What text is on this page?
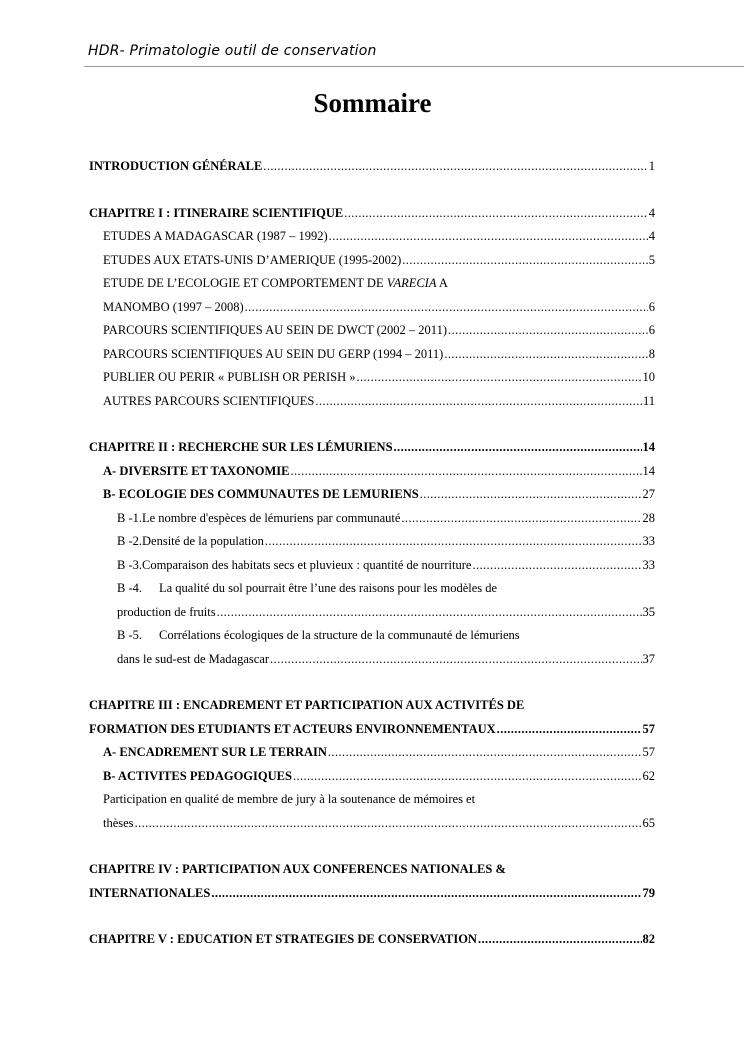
HDR- Primatologie outil de conservation
Sommaire
INTRODUCTION GÉNÉRALE .....	1
CHAPITRE I : ITINERAIRE SCIENTIFIQUE .....	4
ETUDES A MADAGASCAR (1987 – 1992) .....	4
ETUDES AUX ETATS-UNIS D’AMERIQUE (1995-2002) .....	5
ETUDE DE L’ECOLOGIE ET COMPORTEMENT DE VARECIA A
MANOMBO (1997 – 2008) .....	6
PARCOURS SCIENTIFIQUES AU SEIN DE DWCT (2002 – 2011) .....	6
PARCOURS SCIENTIFIQUES AU SEIN DU GERP (1994 – 2011) .....	8
PUBLIER OU PERIR « PUBLISH OR PERISH » .....	10
AUTRES PARCOURS SCIENTIFIQUES .....	11
CHAPITRE II : RECHERCHE SUR LES LÉMURIENS .....	14
A- DIVERSITE ET TAXONOMIE .....	14
B- ECOLOGIE DES COMMUNAUTES DE LEMURIENS .....	27
B -1. Le nombre d'espèces de lémuriens par communauté .....	28
B -2. Densité de la population .....	33
B -3. Comparaison des habitats secs et pluvieux : quantité de nourriture .....	33
B -4.	La qualité du sol pourrait être l’une des raisons pour les modèles de
production de fruits .....	35
B -5.	Corrélations écologiques de la structure de la communauté de lémuriens
dans le sud-est de Madagascar .....	37
CHAPITRE III : ENCADREMENT ET PARTICIPATION AUX ACTIVITÉS DE
FORMATION DES ETUDIANTS ET ACTEURS ENVIRONNEMENTAUX .....	57
A- ENCADREMENT SUR LE TERRAIN .....	57
B- ACTIVITES PEDAGOGIQUES .....	62
Participation en qualité de membre de jury à la soutenance de mémoires et
thèses .....	65
CHAPITRE IV : PARTICIPATION AUX CONFERENCES NATIONALES &
INTERNATIONALES .....	79
CHAPITRE V : EDUCATION ET STRATEGIES DE CONSERVATION .....	82
